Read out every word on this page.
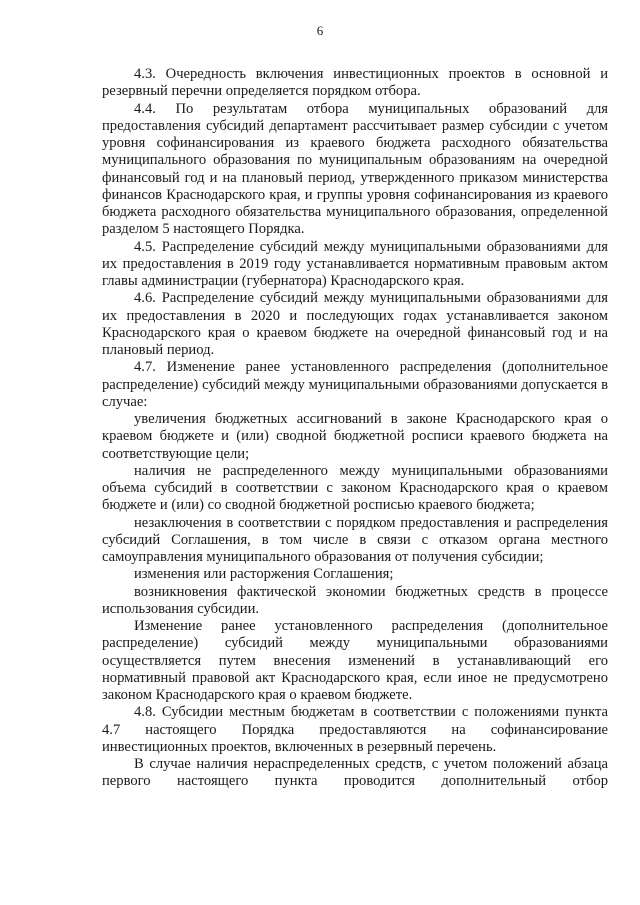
6

4.3. Очередность включения инвестиционных проектов в основной и резервный перечни определяется порядком отбора.

4.4. По результатам отбора муниципальных образований для предоставления субсидий департамент рассчитывает размер субсидии с учетом уровня софинансирования из краевого бюджета расходного обязательства муниципального образования по муниципальным образованиям на очередной финансовый год и на плановый период, утвержденного приказом министерства финансов Краснодарского края, и группы уровня софинансирования из краевого бюджета расходного обязательства муниципального образования, определенной разделом 5 настоящего Порядка.

4.5. Распределение субсидий между муниципальными образованиями для их предоставления в 2019 году устанавливается нормативным правовым актом главы администрации (губернатора) Краснодарского края.

4.6. Распределение субсидий между муниципальными образованиями для их предоставления в 2020 и последующих годах устанавливается законом Краснодарского края о краевом бюджете на очередной финансовый год и на плановый период.

4.7. Изменение ранее установленного распределения (дополнительное распределение) субсидий между муниципальными образованиями допускается в случае:

увеличения бюджетных ассигнований в законе Краснодарского края о краевом бюджете и (или) сводной бюджетной росписи краевого бюджета на соответствующие цели;

наличия не распределенного между муниципальными образованиями объема субсидий в соответствии с законом Краснодарского края о краевом бюджете и (или) со сводной бюджетной росписью краевого бюджета;

незаключения в соответствии с порядком предоставления и распределения субсидий Соглашения, в том числе в связи с отказом органа местного самоуправления муниципального образования от получения субсидии;

изменения или расторжения Соглашения;

возникновения фактической экономии бюджетных средств в процессе использования субсидии.

Изменение ранее установленного распределения (дополнительное распределение) субсидий между муниципальными образованиями осуществляется путем внесения изменений в устанавливающий его нормативный правовой акт Краснодарского края, если иное не предусмотрено законом Краснодарского края о краевом бюджете.

4.8. Субсидии местным бюджетам в соответствии с положениями пункта 4.7 настоящего Порядка предоставляются на софинансирование инвестиционных проектов, включенных в резервный перечень.

В случае наличия нераспределенных средств, с учетом положений абзаца первого настоящего пункта проводится дополнительный отбор
